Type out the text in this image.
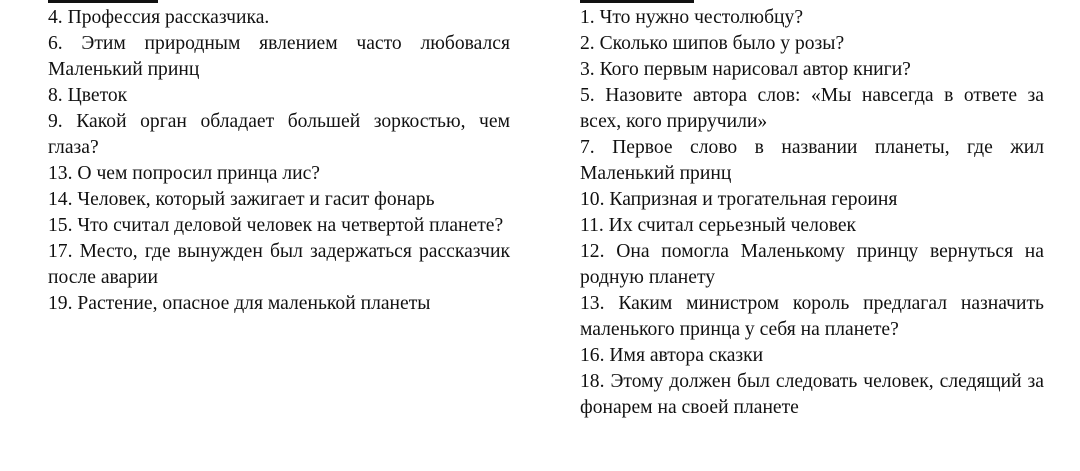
4. Профессия рассказчика.

6. Этим природным явлением часто любовался Маленький принц

8. Цветок

9. Какой орган обладает большей зоркостью, чем глаза?

13. О чем попросил принца лис?

14. Человек, который зажигает и гасит фонарь

15. Что считал деловой человек на четвертой планете?

17. Место, где вынужден был задержаться рассказчик после аварии

19. Растение, опасное для маленькой планеты

1. Что нужно честолюбцу?

2. Сколько шипов было у розы?

3. Кого первым нарисовал автор книги?

5. Назовите автора слов: «Мы навсегда в ответе за всех, кого приручили»

7. Первое слово в названии планеты, где жил Маленький принц

10. Капризная и трогательная героиня

11. Их считал серьезный человек

12. Она помогла Маленькому принцу вернуться на родную планету

13. Каким министром король предлагал назначить маленького принца у себя на планете?

16. Имя автора сказки

18. Этому должен был следовать человек, следящий за фонарем на своей планете
